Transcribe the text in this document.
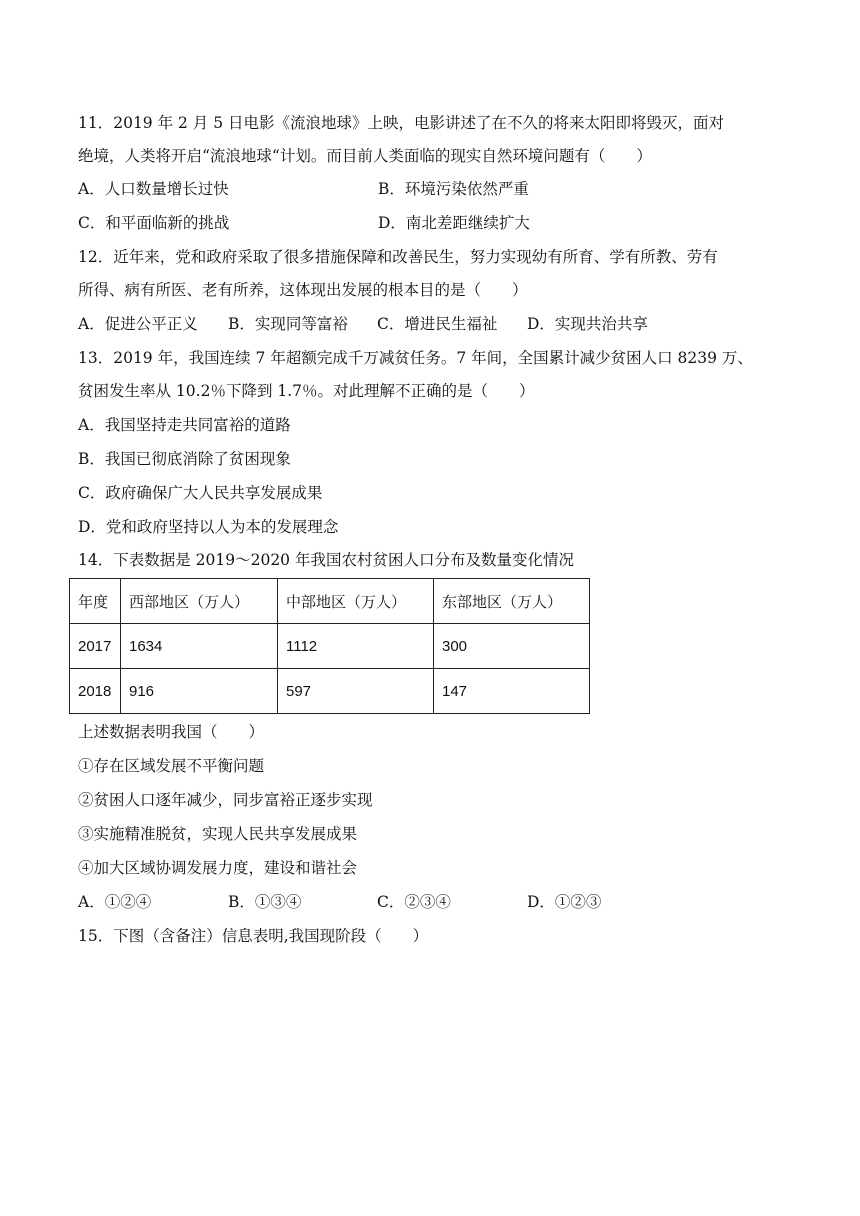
11．2019 年 2 月 5 日电影《流浪地球》上映，电影讲述了在不久的将来太阳即将毁灭，面对
绝境，人类将开启“流浪地球“计划。而目前人类面临的现实自然环境问题有（　　）
A．人口数量增长过快	B．环境污染依然严重
C．和平面临新的挑战	D．南北差距继续扩大
12．近年来，党和政府采取了很多措施保障和改善民生，努力实现幼有所育、学有所教、劳有
所得、病有所医、老有所养，这体现出发展的根本目的是（　　）
A．促进公平正义 B．实现同等富裕 C．增进民生福祉 D．实现共治共享
13．2019 年，我国连续 7 年超额完成千万减贫任务。7 年间，全国累计减少贫困人口 8239 万、
贫困发生率从 10.2％下降到 1.7％。对此理解不正确的是（　　）
A．我国坚持走共同富裕的道路
B．我国已彻底消除了贫困现象
C．政府确保广大人民共享发展成果
D．党和政府坚持以人为本的发展理念
14．下表数据是 2019～2020 年我国农村贫困人口分布及数量变化情况
年度	西部地区（万人）	中部地区（万人）	东部地区（万人）
2017	1634	1112	300
2018	916	597	147
上述数据表明我国（　　）
①存在区域发展不平衡问题
②贫困人口逐年减少，同步富裕正逐步实现
③实施精准脱贫，实现人民共享发展成果
④加大区域协调发展力度，建设和谐社会
A．①②④	B．①③④	C．②③④	D．①②③
15．下图（含备注）信息表明,我国现阶段（　　）
